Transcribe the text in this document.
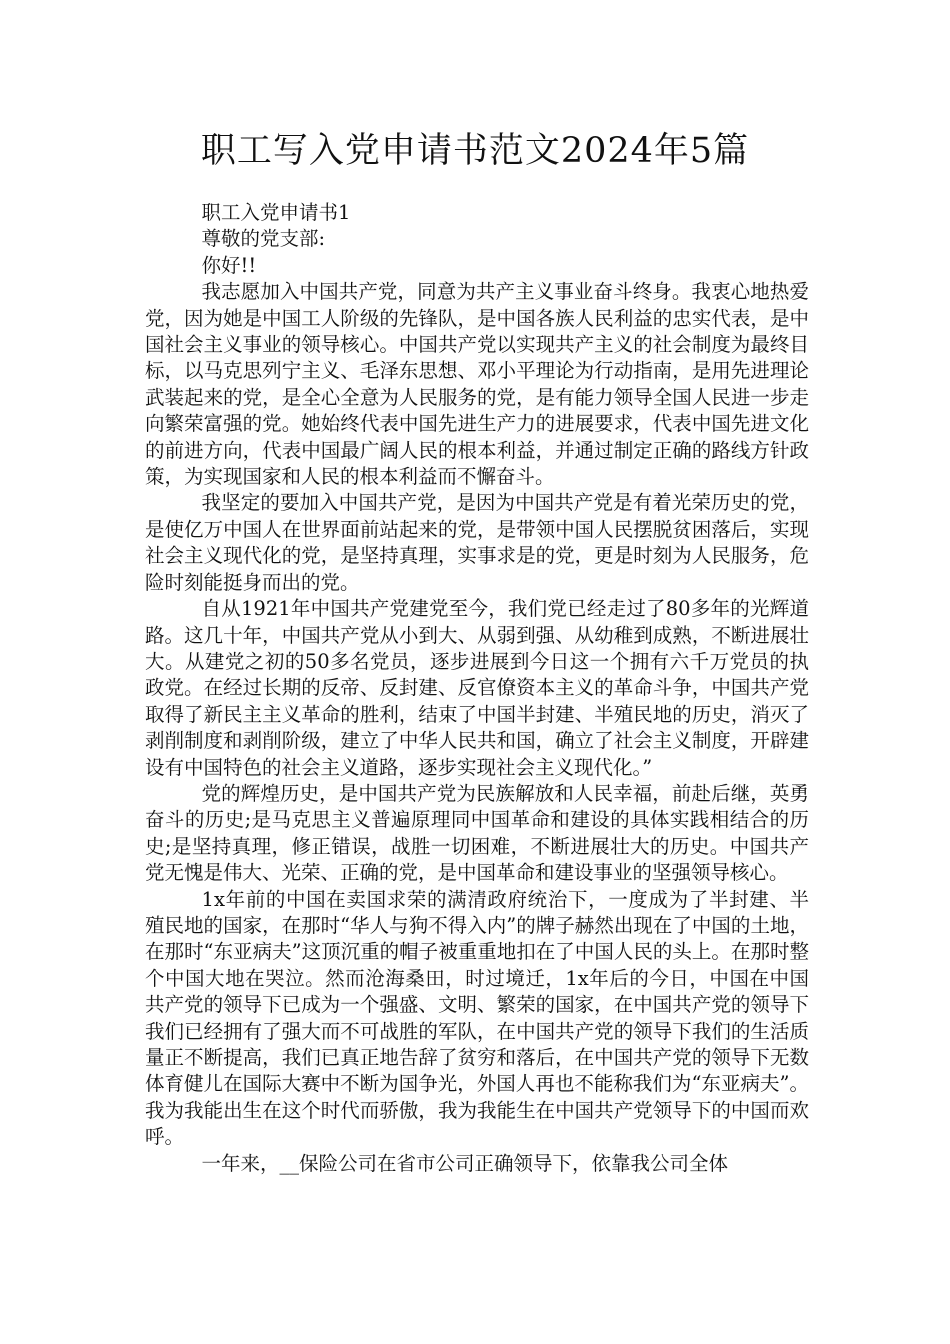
职工写入党申请书范文2024年5篇

职工入党申请书1

尊敬的党支部:

你好!!

我志愿加入中国共产党，同意为共产主义事业奋斗终身。我衷心地热爱党，因为她是中国工人阶级的先锋队，是中国各族人民利益的忠实代表，是中国社会主义事业的领导核心。中国共产党以实现共产主义的社会制度为最终目标，以马克思列宁主义、毛泽东思想、邓小平理论为行动指南，是用先进理论武装起来的党，是全心全意为人民服务的党，是有能力领导全国人民进一步走向繁荣富强的党。她始终代表中国先进生产力的进展要求，代表中国先进文化的前进方向，代表中国最广阔人民的根本利益，并通过制定正确的路线方针政策，为实现国家和人民的根本利益而不懈奋斗。

我坚定的要加入中国共产党，是因为中国共产党是有着光荣历史的党，是使亿万中国人在世界面前站起来的党，是带领中国人民摆脱贫困落后，实现社会主义现代化的党，是坚持真理，实事求是的党，更是时刻为人民服务，危险时刻能挺身而出的党。

自从1921年中国共产党建党至今，我们党已经走过了80多年的光辉道路。这几十年，中国共产党从小到大、从弱到强、从幼稚到成熟，不断进展壮大。从建党之初的50多名党员，逐步进展到今日这一个拥有六千万党员的执政党。在经过长期的反帝、反封建、反官僚资本主义的革命斗争，中国共产党取得了新民主主义革命的胜利，结束了中国半封建、半殖民地的历史，消灭了剥削制度和剥削阶级，建立了中华人民共和国，确立了社会主义制度，开辟建设有中国特色的社会主义道路，逐步实现社会主义现代化。”

党的辉煌历史，是中国共产党为民族解放和人民幸福，前赴后继，英勇奋斗的历史;是马克思主义普遍原理同中国革命和建设的具体实践相结合的历史;是坚持真理，修正错误，战胜一切困难，不断进展壮大的历史。中国共产党无愧是伟大、光荣、正确的党，是中国革命和建设事业的坚强领导核心。

1x年前的中国在卖国求荣的满清政府统治下，一度成为了半封建、半殖民地的国家，在那时“华人与狗不得入内”的牌子赫然出现在了中国的土地，在那时“东亚病夫”这顶沉重的帽子被重重地扣在了中国人民的头上。在那时整个中国大地在哭泣。然而沧海桑田，时过境迁，1x年后的今日，中国在中国共产党的领导下已成为一个强盛、文明、繁荣的国家，在中国共产党的领导下我们已经拥有了强大而不可战胜的军队，在中国共产党的领导下我们的生活质量正不断提高，我们已真正地告辞了贫穷和落后，在中国共产党的领导下无数体育健儿在国际大赛中不断为国争光，外国人再也不能称我们为“东亚病夫”。我为我能出生在这个时代而骄傲，我为我能生在中国共产党领导下的中国而欢呼。

一年来，__保险公司在省市公司正确领导下，依靠我公司全体
